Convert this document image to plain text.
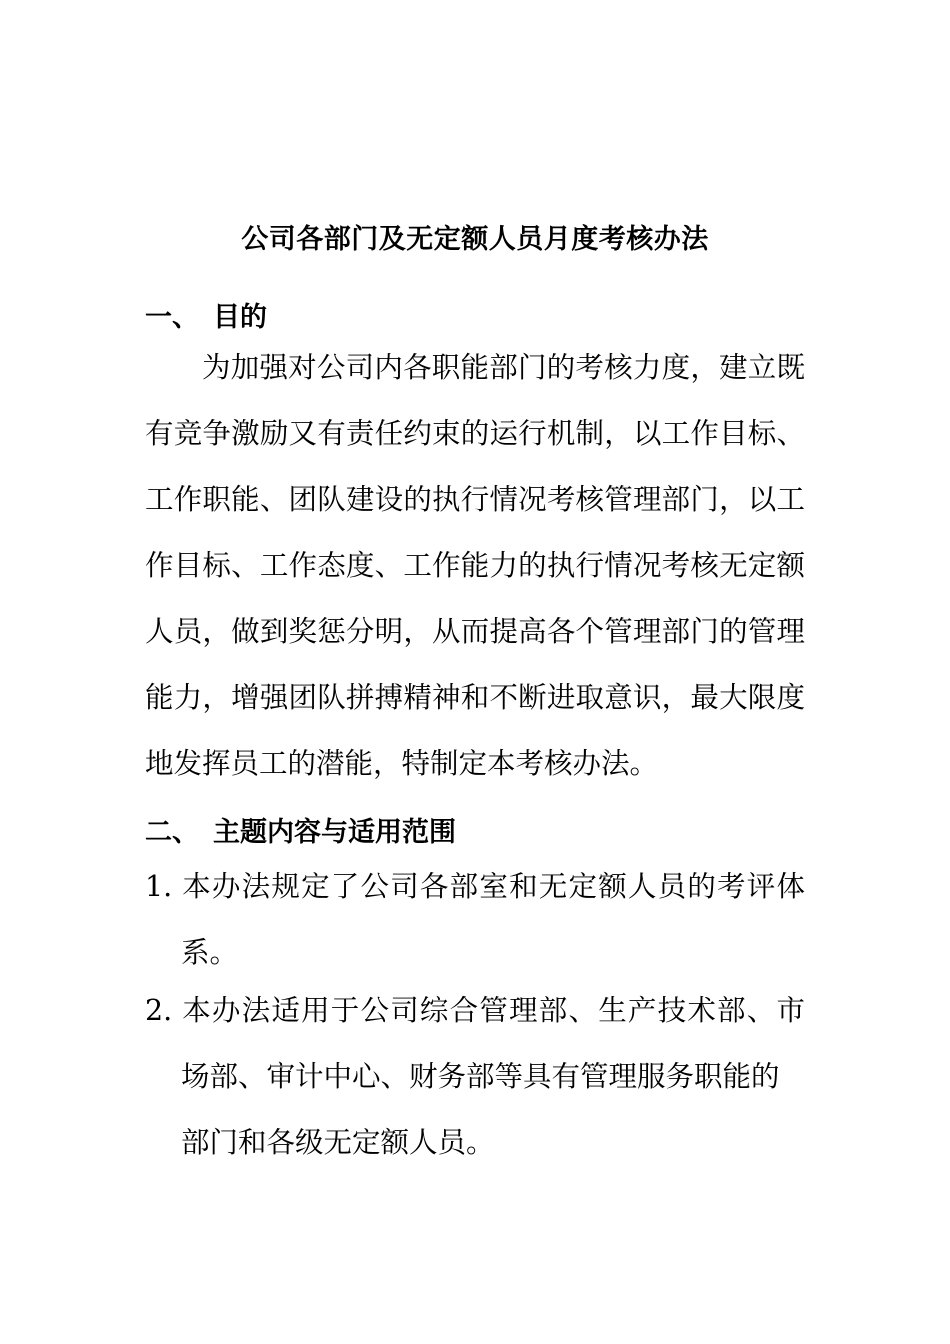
公司各部门及无定额人员月度考核办法
一、 目的
为加强对公司内各职能部门的考核力度，建立既
有竞争激励又有责任约束的运行机制，以工作目标、
工作职能、团队建设的执行情况考核管理部门，以工
作目标、工作态度、工作能力的执行情况考核无定额
人员，做到奖惩分明，从而提高各个管理部门的管理
能力，增强团队拼搏精神和不断进取意识，最大限度
地发挥员工的潜能，特制定本考核办法。
二、 主题内容与适用范围
1. 本办法规定了公司各部室和无定额人员的考评体
系。
2. 本办法适用于公司综合管理部、生产技术部、市
场部、审计中心、财务部等具有管理服务职能的
部门和各级无定额人员。
